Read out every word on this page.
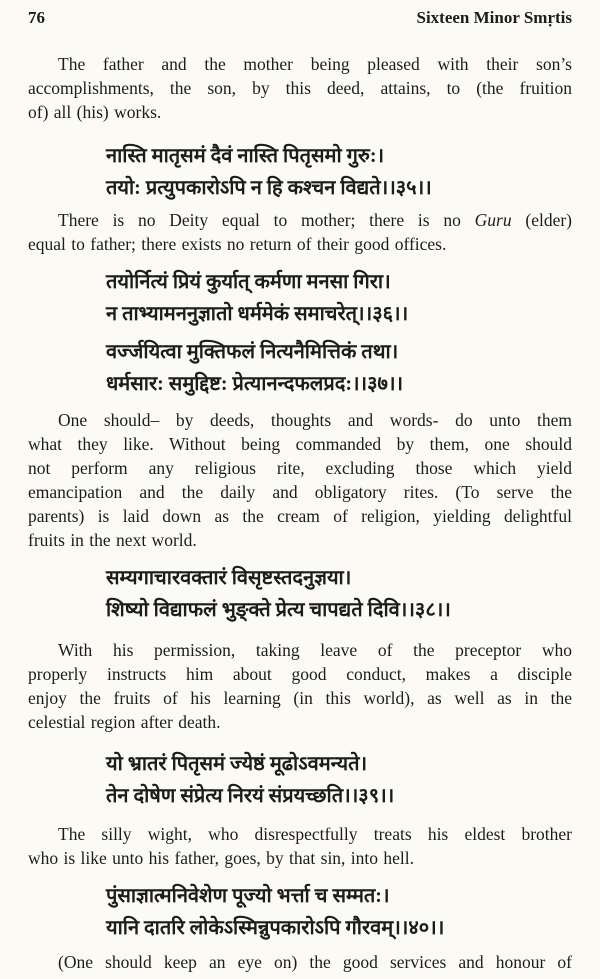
76	Sixteen Minor Smṛtis
The father and the mother being pleased with their son’s
accomplishments, the son, by this deed, attains, to (the fruition
of) all (his) works.
नास्ति मातृसमं दैवं नास्ति पितृसमो गुरु:।
तयो: प्रत्युपकारोऽपि न हि कश्चन विद्यते।।३५।।
There is no Deity equal to mother; there is no Guru (elder)
equal to father; there exists no return of their good offices.
तयोर्नित्यं प्रियं कुर्यात् कर्मणा मनसा गिरा।
न ताभ्यामननुज्ञातो धर्ममेकं समाचरेत्।।३६।।
वर्ज्जयित्वा मुक्तिफलं नित्यनैमित्तिकं तथा।
धर्मसार: समुद्दिष्ट: प्रेत्यानन्दफलप्रद:।।३७।।
One should– by deeds, thoughts and words- do unto them
what they like. Without being commanded by them, one should
not perform any religious rite, excluding those which yield
emancipation and the daily and obligatory rites. (To serve the
parents) is laid down as the cream of religion, yielding delightful
fruits in the next world.
सम्यगाचारवक्तारं विसृष्टस्तदनुज्ञया।
शिष्यो विद्याफलं भुङ्क्ते प्रेत्य चापद्यते दिवि।।३८।।
With his permission, taking leave of the preceptor who
properly instructs him about good conduct, makes a disciple
enjoy the fruits of his learning (in this world), as well as in the
celestial region after death.
यो भ्रातरं पितृसमं ज्येष्ठं मूढोऽवमन्यते।
तेन दोषेण संप्रेत्य निरयं संप्रयच्छति।।३९।।
The silly wight, who disrespectfully treats his eldest brother
who is like unto his father, goes, by that sin, into hell.
पुंसाज्ञात्मनिवेशेण पूज्यो भर्त्ता च सम्मत:।
यानि दातरि लोकेऽस्मिन्नुपकारोऽपि गौरवम्।।४०।।
(One should keep an eye on) the good services and honour of
